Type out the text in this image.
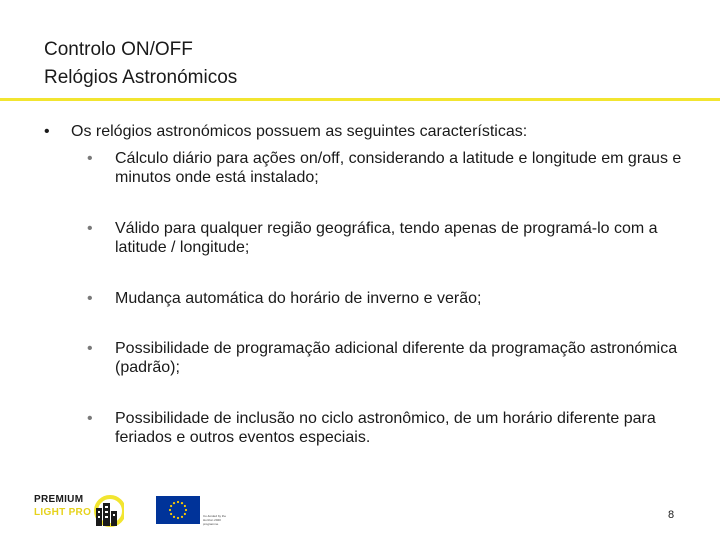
Controlo ON/OFF
Relógios Astronómicos
• Os relógios astronómicos possuem as seguintes características:
• Cálculo diário para ações on/off, considerando a latitude e longitude em graus e minutos onde está instalado;
• Válido para qualquer região geográfica, tendo apenas de programá-lo com a latitude / longitude;
• Mudança automática do horário de inverno e verão;
• Possibilidade de programação adicional diferente da programação astronómica (padrão);
• Possibilidade de inclusão no ciclo astronômico, de um horário diferente para feriados e outros eventos especiais.
PREMIUM
LIGHT PRO	Co-funded by the Horizon 2020 programme
8
